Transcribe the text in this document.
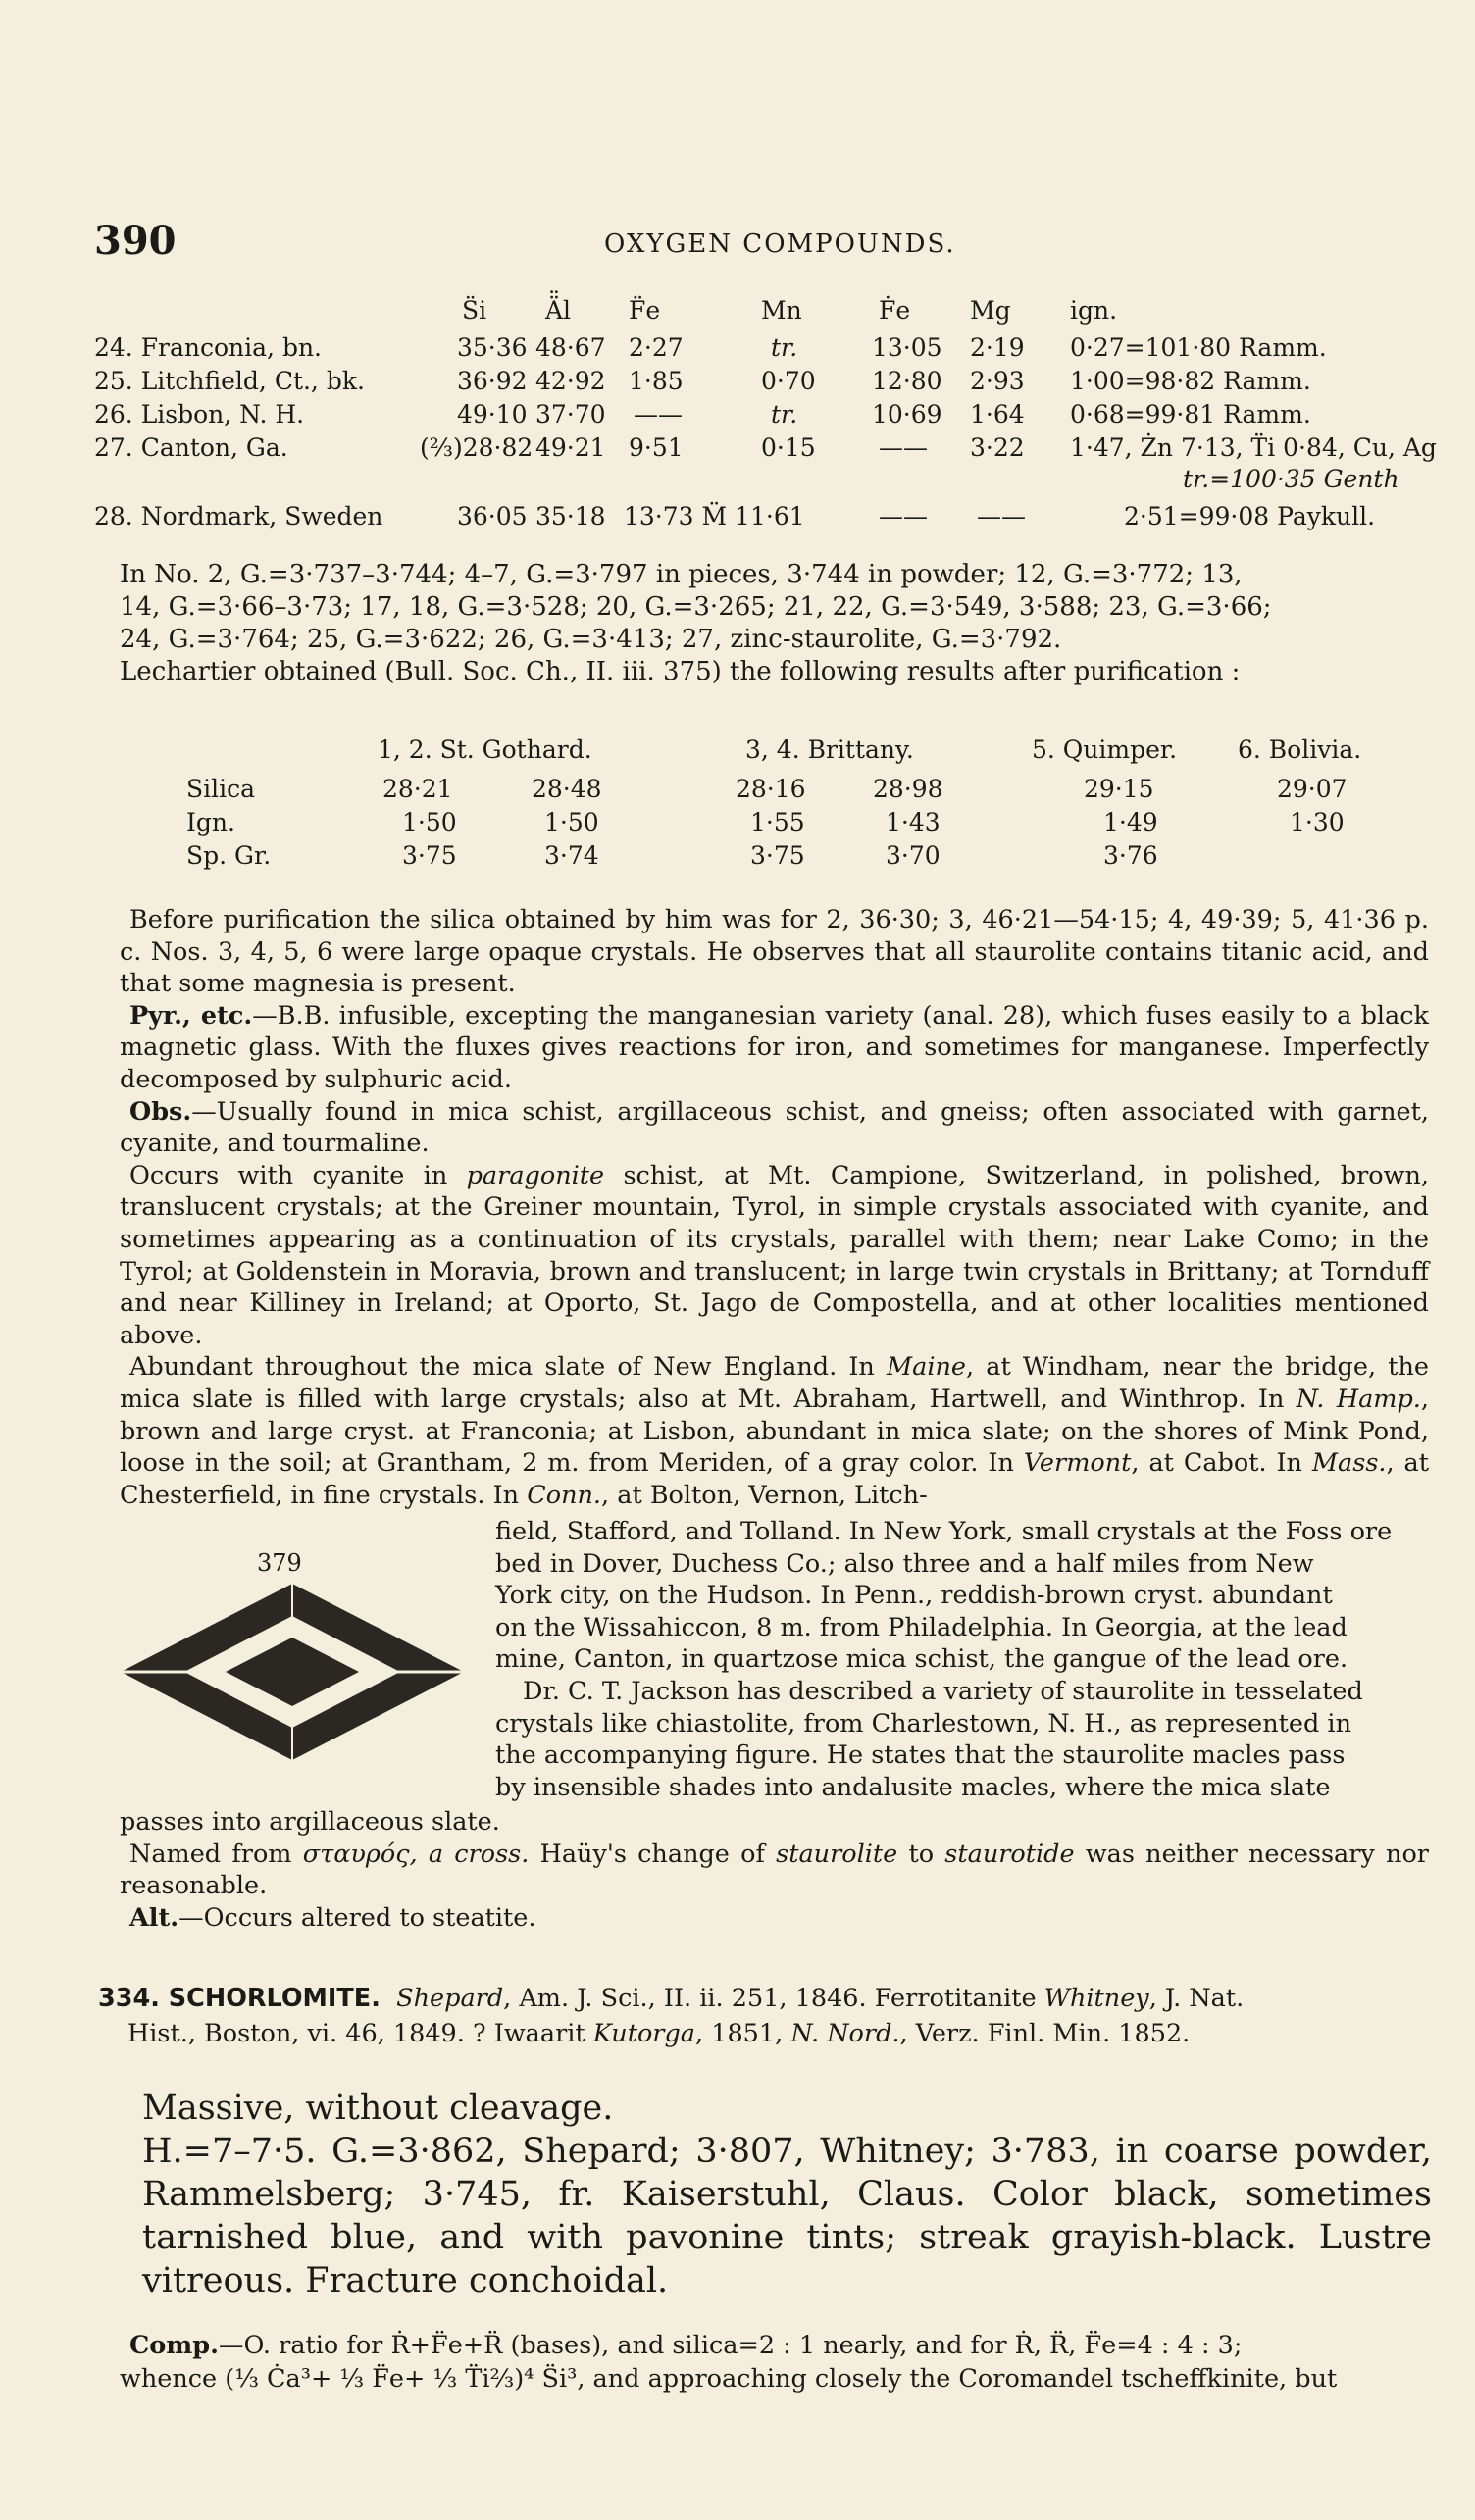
390	OXYGEN COMPOUNDS.
S̈i Ä̈l F̈e	Mn	Ḟe Mg ign.
24. Franconia, bn.	35·36 48·67 2·27	tr.	13·05 2·19 0·27=101·80 Ramm.
25. Litchfield, Ct., bk.	36·92 42·92 1·85	0·70 12·80 2·93 1·00=98·82 Ramm.
26. Lisbon, N. H.	49·10 37·70 ——	tr.	10·69 1·64 0·68=99·81 Ramm.
27. Canton, Ga.	(⅔)28·82 49·21 9·51	0·15	—— 3·22 1·47, Żn 7·13, T̈i 0·84, Cu, Ag
tr.=100·35 Genth
28. Nordmark, Sweden	36·05 35·18 13·73 M̈ 11·61	—— ——	2·51=99·08 Paykull.
In No. 2, G.=3·737–3·744; 4–7, G.=3·797 in pieces, 3·744 in powder; 12, G.=3·772; 13,
14, G.=3·66–3·73; 17, 18, G.=3·528; 20, G.=3·265; 21, 22, G.=3·549, 3·588; 23, G.=3·66;
24, G.=3·764; 25, G.=3·622; 26, G.=3·413; 27, zinc-staurolite, G.=3·792.
Lechartier obtained (Bull. Soc. Ch., II. iii. 375) the following results after purification :
1, 2. St. Gothard.	3, 4. Brittany.	5. Quimper. 6. Bolivia.
Silica	28·21	28·48	28·16	28·98	29·15	29·07
Ign.	1·50	1·50	1·55	1·43	1·49	1·30
Sp. Gr.	3·75	3·74	3·75	3·70	3·76

Before purification the silica obtained by him was for 2, 36·30; 3, 46·21—54·15; 4, 49·39; 5, 41·36 p. c. Nos. 3, 4, 5, 6 were large opaque crystals. He observes that all staurolite contains titanic acid, and that some magnesia is present.

Pyr., etc.—B.B. infusible, excepting the manganesian variety (anal. 28), which fuses easily to a black magnetic glass. With the fluxes gives reactions for iron, and sometimes for manganese. Imperfectly decomposed by sulphuric acid.

Obs.—Usually found in mica schist, argillaceous schist, and gneiss; often associated with garnet, cyanite, and tourmaline.

Occurs with cyanite in paragonite schist, at Mt. Campione, Switzerland, in polished, brown, translucent crystals; at the Greiner mountain, Tyrol, in simple crystals associated with cyanite, and sometimes appearing as a continuation of its crystals, parallel with them; near Lake Como; in the Tyrol; at Goldenstein in Moravia, brown and translucent; in large twin crystals in Brittany; at Tornduff and near Killiney in Ireland; at Oporto, St. Jago de Compostella, and at other localities mentioned above.

Abundant throughout the mica slate of New England. In Maine, at Windham, near the bridge, the mica slate is filled with large crystals; also at Mt. Abraham, Hartwell, and Winthrop. In N. Hamp., brown and large cryst. at Franconia; at Lisbon, abundant in mica slate; on the shores of Mink Pond, loose in the soil; at Grantham, 2 m. from Meriden, of a gray color. In Vermont, at Cabot. In Mass., at Chesterfield, in fine crystals. In Conn., at Bolton, Vernon, Litch-

379
field, Stafford, and Tolland. In New York, small crystals at the Foss ore
bed in Dover, Duchess Co.; also three and a half miles from New
York city, on the Hudson. In Penn., reddish-brown cryst. abundant
on the Wissahiccon, 8 m. from Philadelphia. In Georgia, at the lead
mine, Canton, in quartzose mica schist, the gangue of the lead ore.
Dr. C. T. Jackson has described a variety of staurolite in tesselated
crystals like chiastolite, from Charlestown, N. H., as represented in
the accompanying figure. He states that the staurolite macles pass
by insensible shades into andalusite macles, where the mica slate

passes into argillaceous slate.

Named from σταυρός, a cross. Haüy's change of staurolite to staurotide was neither necessary nor reasonable.

Alt.—Occurs altered to steatite.

334. SCHORLOMITE. Shepard, Am. J. Sci., II. ii. 251, 1846. Ferrotitanite Whitney, J. Nat.
Hist., Boston, vi. 46, 1849. ? Iwaarit Kutorga, 1851, N. Nord., Verz. Finl. Min. 1852.
Massive, without cleavage.
H.=7–7·5. G.=3·862, Shepard; 3·807, Whitney; 3·783, in coarse powder, Rammelsberg; 3·745, fr. Kaiserstuhl, Claus. Color black, sometimes tarnished blue, and with pavonine tints; streak grayish-black. Lustre vitreous. Fracture conchoidal.
Comp.—O. ratio for Ṙ+F̈e+R̈ (bases), and silica=2 : 1 nearly, and for Ṙ, R̈, F̈e=4 : 4 : 3;
whence (⅓ Ċa³+ ⅓ F̈e+ ⅓ T̈i⅔)⁴ S̈i³, and approaching closely the Coromandel tscheffkinite, but
